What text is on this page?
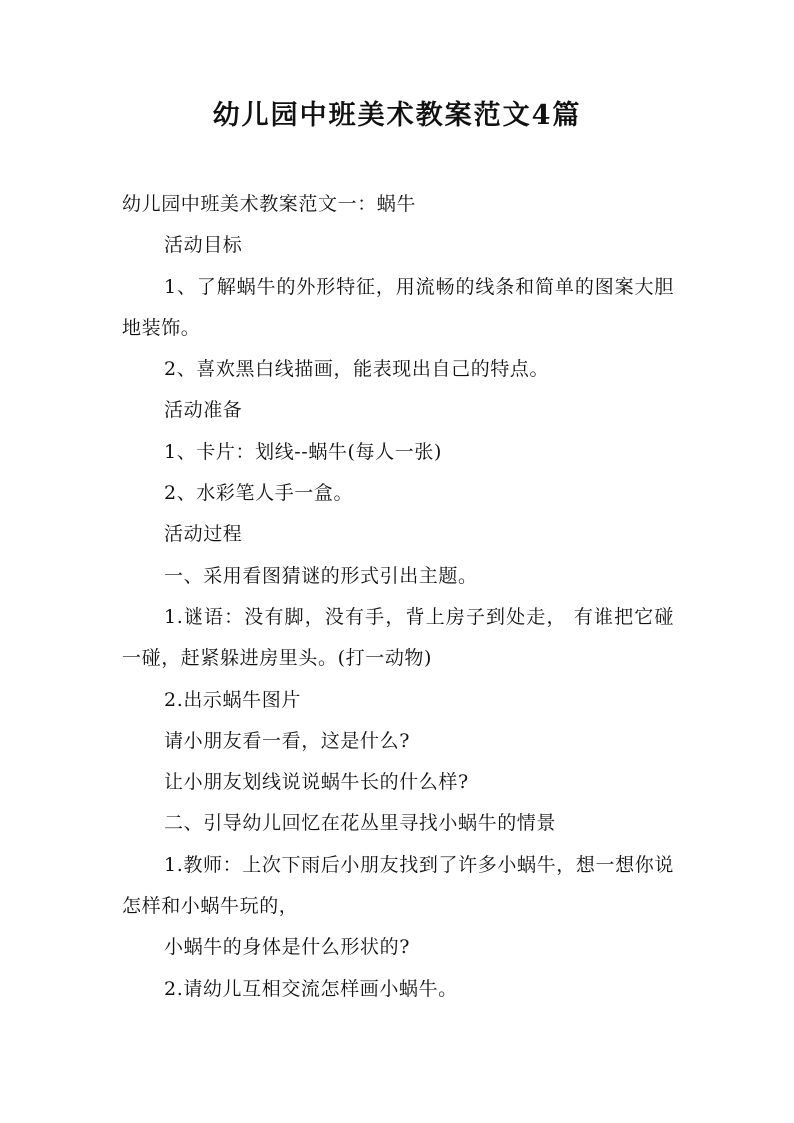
幼儿园中班美术教案范文4篇

幼儿园中班美术教案范文一：蜗牛

活动目标

1、了解蜗牛的外形特征，用流畅的线条和简单的图案大胆地装饰。

2、喜欢黑白线描画，能表现出自己的特点。

活动准备

1、卡片：划线--蜗牛(每人一张)

2、水彩笔人手一盒。

活动过程

一、采用看图猜谜的形式引出主题。

1.谜语：没有脚，没有手，背上房子到处走， 有谁把它碰一碰，赶紧躲进房里头。(打一动物)

2.出示蜗牛图片

请小朋友看一看，这是什么?

让小朋友划线说说蜗牛长的什么样?

二、引导幼儿回忆在花丛里寻找小蜗牛的情景

1.教师：上次下雨后小朋友找到了许多小蜗牛，想一想你说怎样和小蜗牛玩的，

小蜗牛的身体是什么形状的?

2.请幼儿互相交流怎样画小蜗牛。
